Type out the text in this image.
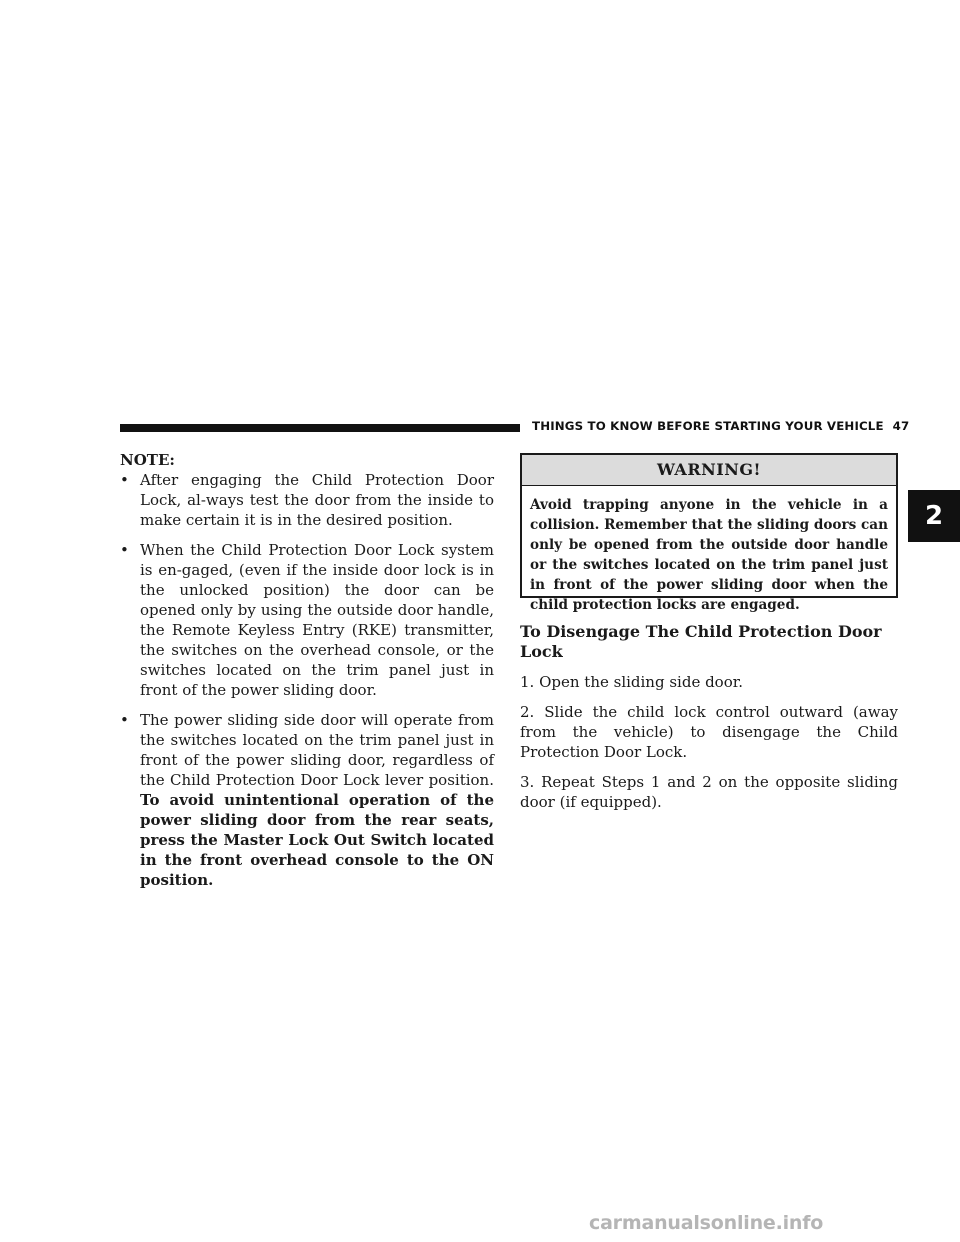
THINGS TO KNOW BEFORE STARTING YOUR VEHICLE 47
2

NOTE:

• After engaging the Child Protection Door Lock, al-ways test the door from the inside to make certain it is in the desired position.
• When the Child Protection Door Lock system is en-gaged, (even if the inside door lock is in the unlocked position) the door can be opened only by using the outside door handle, the Remote Keyless Entry (RKE) transmitter, the switches on the overhead console, or the switches located on the trim panel just in front of the power sliding door.
• The power sliding side door will operate from the switches located on the trim panel just in front of the power sliding door, regardless of the Child Protection Door Lock lever position. To avoid unintentional operation of the power sliding door from the rear seats, press the Master Lock Out Switch located in the front overhead console to the ON position.
WARNING!
Avoid trapping anyone in the vehicle in a collision. Remember that the sliding doors can only be opened from the outside door handle or the switches located on the trim panel just in front of the power sliding door when the child protection locks are engaged.

To Disengage The Child Protection Door Lock

1. Open the sliding side door.

2. Slide the child lock control outward (away from the vehicle) to disengage the Child Protection Door Lock.

3. Repeat Steps 1 and 2 on the opposite sliding door (if equipped).

carmanualsonline.info
